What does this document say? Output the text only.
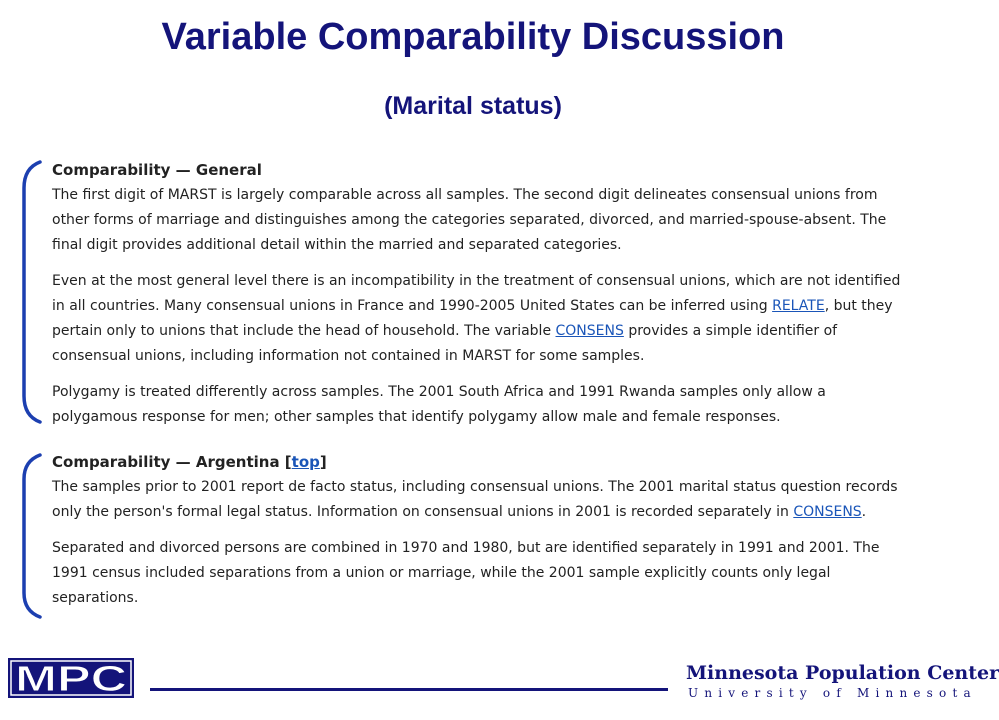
Variable Comparability Discussion
(Marital status)
Comparability — General

The first digit of MARST is largely comparable across all samples. The second digit delineates consensual unions from other forms of marriage and distinguishes among the categories separated, divorced, and married-spouse-absent. The final digit provides additional detail within the married and separated categories.

Even at the most general level there is an incompatibility in the treatment of consensual unions, which are not identified in all countries. Many consensual unions in France and 1990-2005 United States can be inferred using RELATE, but they pertain only to unions that include the head of household. The variable CONSENS provides a simple identifier of consensual unions, including information not contained in MARST for some samples.

Polygamy is treated differently across samples. The 2001 South Africa and 1991 Rwanda samples only allow a polygamous response for men; other samples that identify polygamy allow male and female responses.

Comparability — Argentina [top]

The samples prior to 2001 report de facto status, including consensual unions. The 2001 marital status question records only the person's formal legal status. Information on consensual unions in 2001 is recorded separately in CONSENS.

Separated and divorced persons are combined in 1970 and 1980, but are identified separately in 1991 and 2001. The 1991 census included separations from a union or marriage, while the 2001 sample explicitly counts only legal separations.

MPC	Minnesota Population Center
University of Minnesota
